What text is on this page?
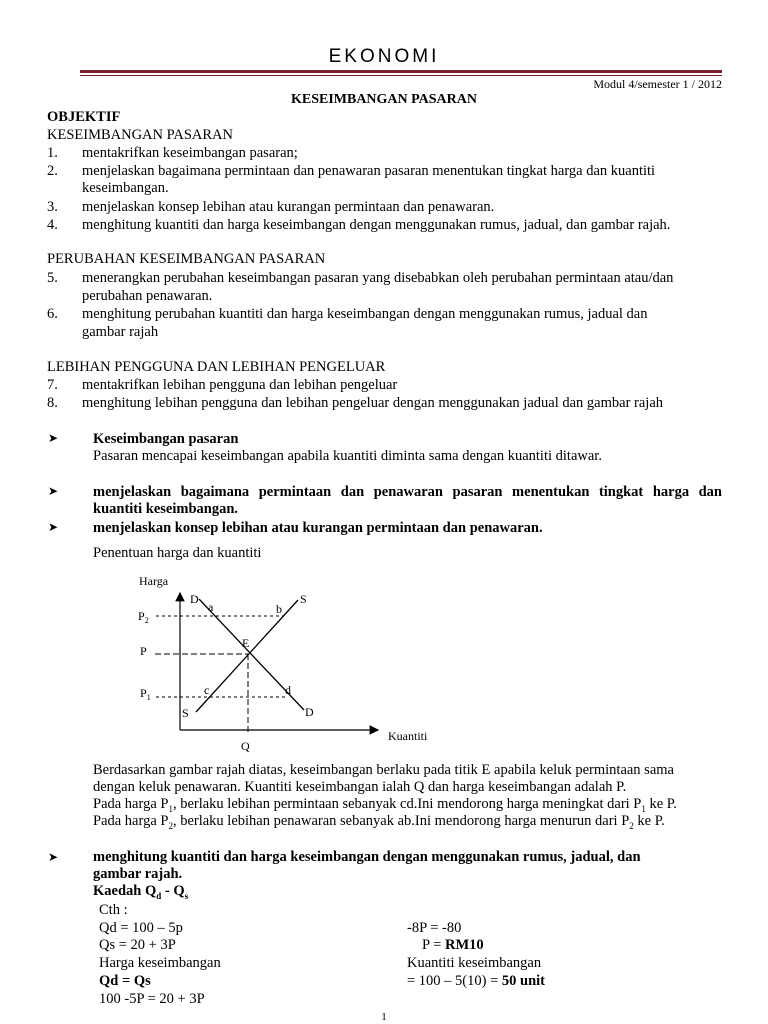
EKONOMI
Modul 4/semester 1 / 2012
KESEIMBANGAN PASARAN
OBJEKTIF
KESEIMBANGAN PASARAN
1. mentakrifkan keseimbangan pasaran;
2. menjelaskan bagaimana permintaan dan penawaran pasaran menentukan tingkat harga dan kuantiti
keseimbangan.
3. menjelaskan konsep lebihan atau kurangan permintaan dan penawaran.
4. menghitung kuantiti dan harga keseimbangan dengan menggunakan rumus, jadual, dan gambar rajah.
PERUBAHAN KESEIMBANGAN PASARAN
5. menerangkan perubahan keseimbangan pasaran yang disebabkan oleh perubahan permintaan atau/dan
perubahan penawaran.
6. menghitung perubahan kuantiti dan harga keseimbangan dengan menggunakan rumus, jadual dan
gambar rajah
LEBIHAN PENGGUNA DAN LEBIHAN PENGELUAR
7. mentakrifkan lebihan pengguna dan lebihan pengeluar
8. menghitung lebihan pengguna dan lebihan pengeluar dengan menggunakan jadual dan gambar rajah
➤ Keseimbangan pasaran
Pasaran mencapai keseimbangan apabila kuantiti diminta sama dengan kuantiti ditawar.
➤ menjelaskan bagaimana permintaan dan penawaran pasaran menentukan tingkat harga dan
kuantiti keseimbangan.
➤ menjelaskan konsep lebihan atau kurangan permintaan dan penawaran.
Penentuan harga dan kuantiti
Harga
Kuantiti
$P_2$
P
$P_1$
Q
D	S
S	D
a	b
c	d
E
Berdasarkan gambar rajah diatas, keseimbangan berlaku pada titik E apabila keluk permintaan sama
dengan keluk penawaran. Kuantiti keseimbangan ialah Q dan harga keseimbangan adalah P.
Pada harga $P_1$, berlaku lebihan permintaan sebanyak cd.Ini mendorong harga meningkat dari $P_1$ ke P.
Pada harga $P_2$, berlaku lebihan penawaran sebanyak ab.Ini mendorong harga menurun dari $P_2$ ke P.
➤ menghitung kuantiti dan harga keseimbangan dengan menggunakan rumus, jadual, dan
gambar rajah.
Kaedah $Q_d - Q_s$
Cth :
Qd = 100 – 5p
Qs = 20 + 3P
Harga keseimbangan
Qd = Qs
100 -5P = 20 + 3P
-8P = -80
P = RM10
Kuantiti keseimbangan
= 100 – 5(10) = 50 unit
1
